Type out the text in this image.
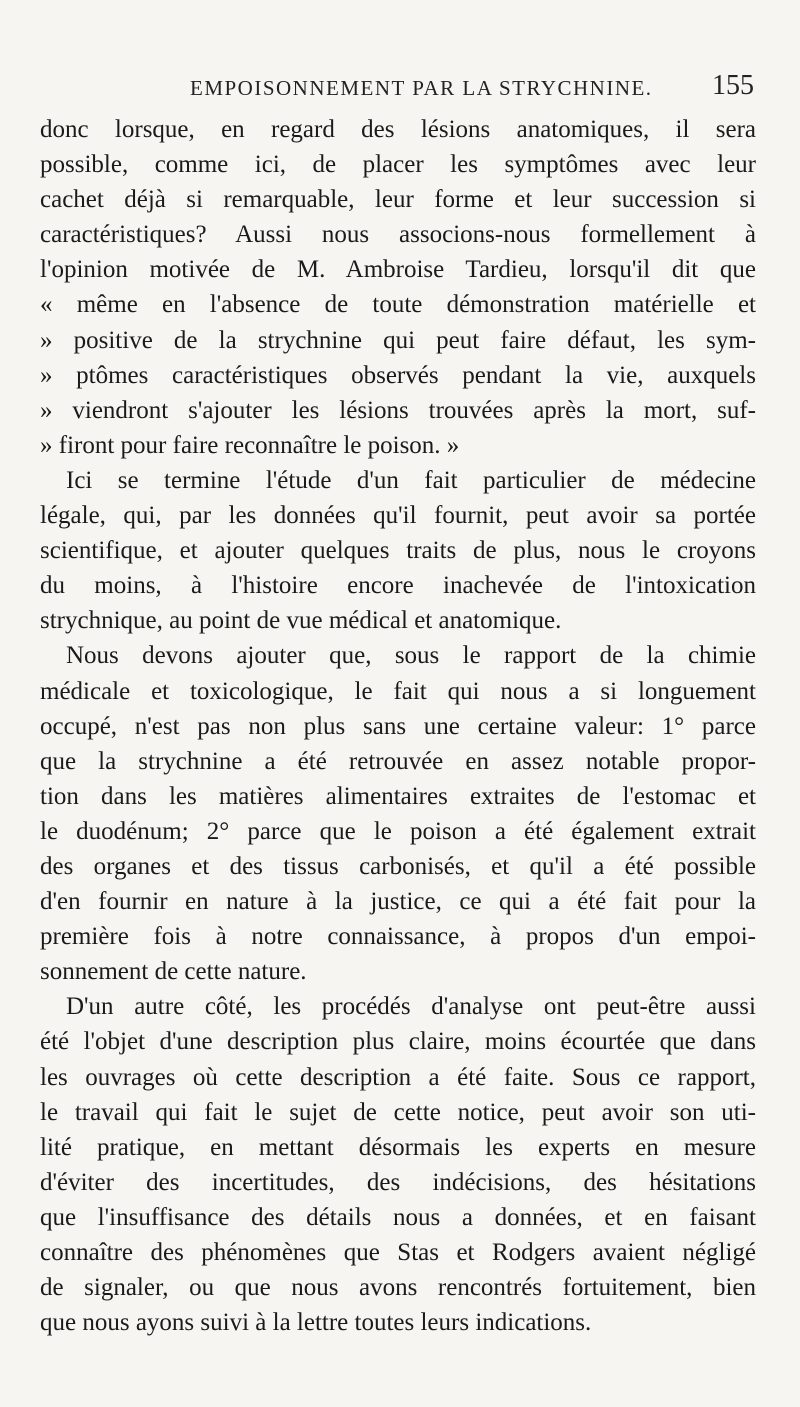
EMPOISONNEMENT PAR LA STRYCHNINE. 155
donc lorsque, en regard des lésions anatomiques, il sera
possible, comme ici, de placer les symptômes avec leur
cachet déjà si remarquable, leur forme et leur succession si
caractéristiques? Aussi nous associons-nous formellement à
l'opinion motivée de M. Ambroise Tardieu, lorsqu'il dit que
« même en l'absence de toute démonstration matérielle et
» positive de la strychnine qui peut faire défaut, les sym-
» ptômes caractéristiques observés pendant la vie, auxquels
» viendront s'ajouter les lésions trouvées après la mort, suf-
» firont pour faire reconnaître le poison. »
Ici se termine l'étude d'un fait particulier de médecine
légale, qui, par les données qu'il fournit, peut avoir sa portée
scientifique, et ajouter quelques traits de plus, nous le croyons
du moins, à l'histoire encore inachevée de l'intoxication
strychnique, au point de vue médical et anatomique.
Nous devons ajouter que, sous le rapport de la chimie
médicale et toxicologique, le fait qui nous a si longuement
occupé, n'est pas non plus sans une certaine valeur: 1° parce
que la strychnine a été retrouvée en assez notable propor-
tion dans les matières alimentaires extraites de l'estomac et
le duodénum; 2° parce que le poison a été également extrait
des organes et des tissus carbonisés, et qu'il a été possible
d'en fournir en nature à la justice, ce qui a été fait pour la
première fois à notre connaissance, à propos d'un empoi-
sonnement de cette nature.
D'un autre côté, les procédés d'analyse ont peut-être aussi
été l'objet d'une description plus claire, moins écourtée que dans
les ouvrages où cette description a été faite. Sous ce rapport,
le travail qui fait le sujet de cette notice, peut avoir son uti-
lité pratique, en mettant désormais les experts en mesure
d'éviter des incertitudes, des indécisions, des hésitations
que l'insuffisance des détails nous a données, et en faisant
connaître des phénomènes que Stas et Rodgers avaient négligé
de signaler, ou que nous avons rencontrés fortuitement, bien
que nous ayons suivi à la lettre toutes leurs indications.
